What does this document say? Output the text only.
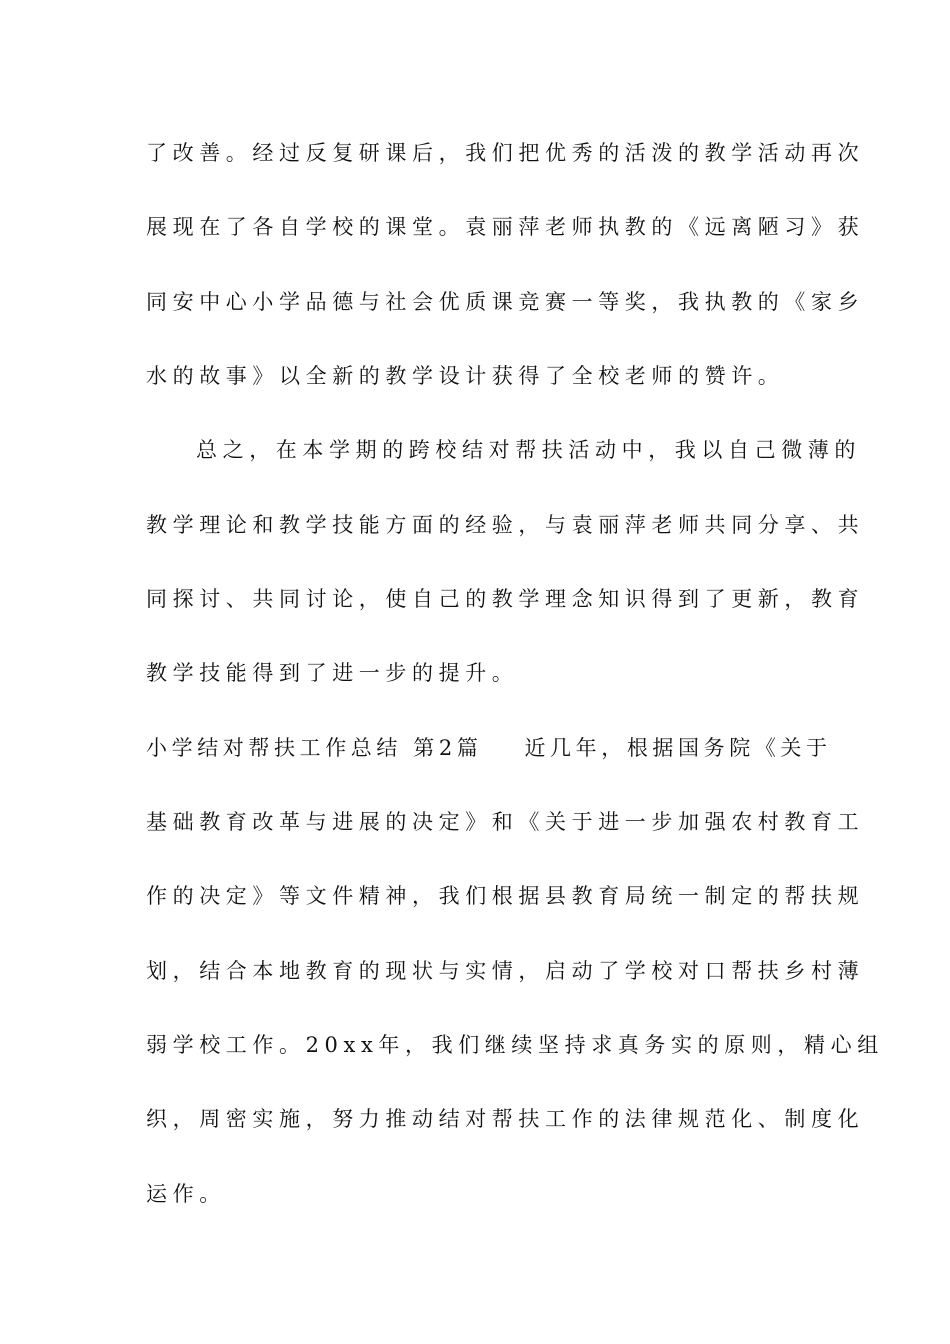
了改善。经过反复研课后，我们把优秀的活泼的教学活动再次
展现在了各自学校的课堂。袁丽萍老师执教的《远离陋习》获
同安中心小学品德与社会优质课竞赛一等奖，我执教的《家乡
水的故事》以全新的教学设计获得了全校老师的赞许。
总之，在本学期的跨校结对帮扶活动中，我以自己微薄的
教学理论和教学技能方面的经验，与袁丽萍老师共同分享、共
同探讨、共同讨论，使自己的教学理念知识得到了更新，教育
教学技能得到了进一步的提升。
小学结对帮扶工作总结 第2篇 近几年，根据国务院《关于
基础教育改革与进展的决定》和《关于进一步加强农村教育工
作的决定》等文件精神，我们根据县教育局统一制定的帮扶规
划，结合本地教育的现状与实情，启动了学校对口帮扶乡村薄
弱学校工作。20xx年，我们继续坚持求真务实的原则，精心组
织，周密实施，努力推动结对帮扶工作的法律规范化、制度化
运作。
